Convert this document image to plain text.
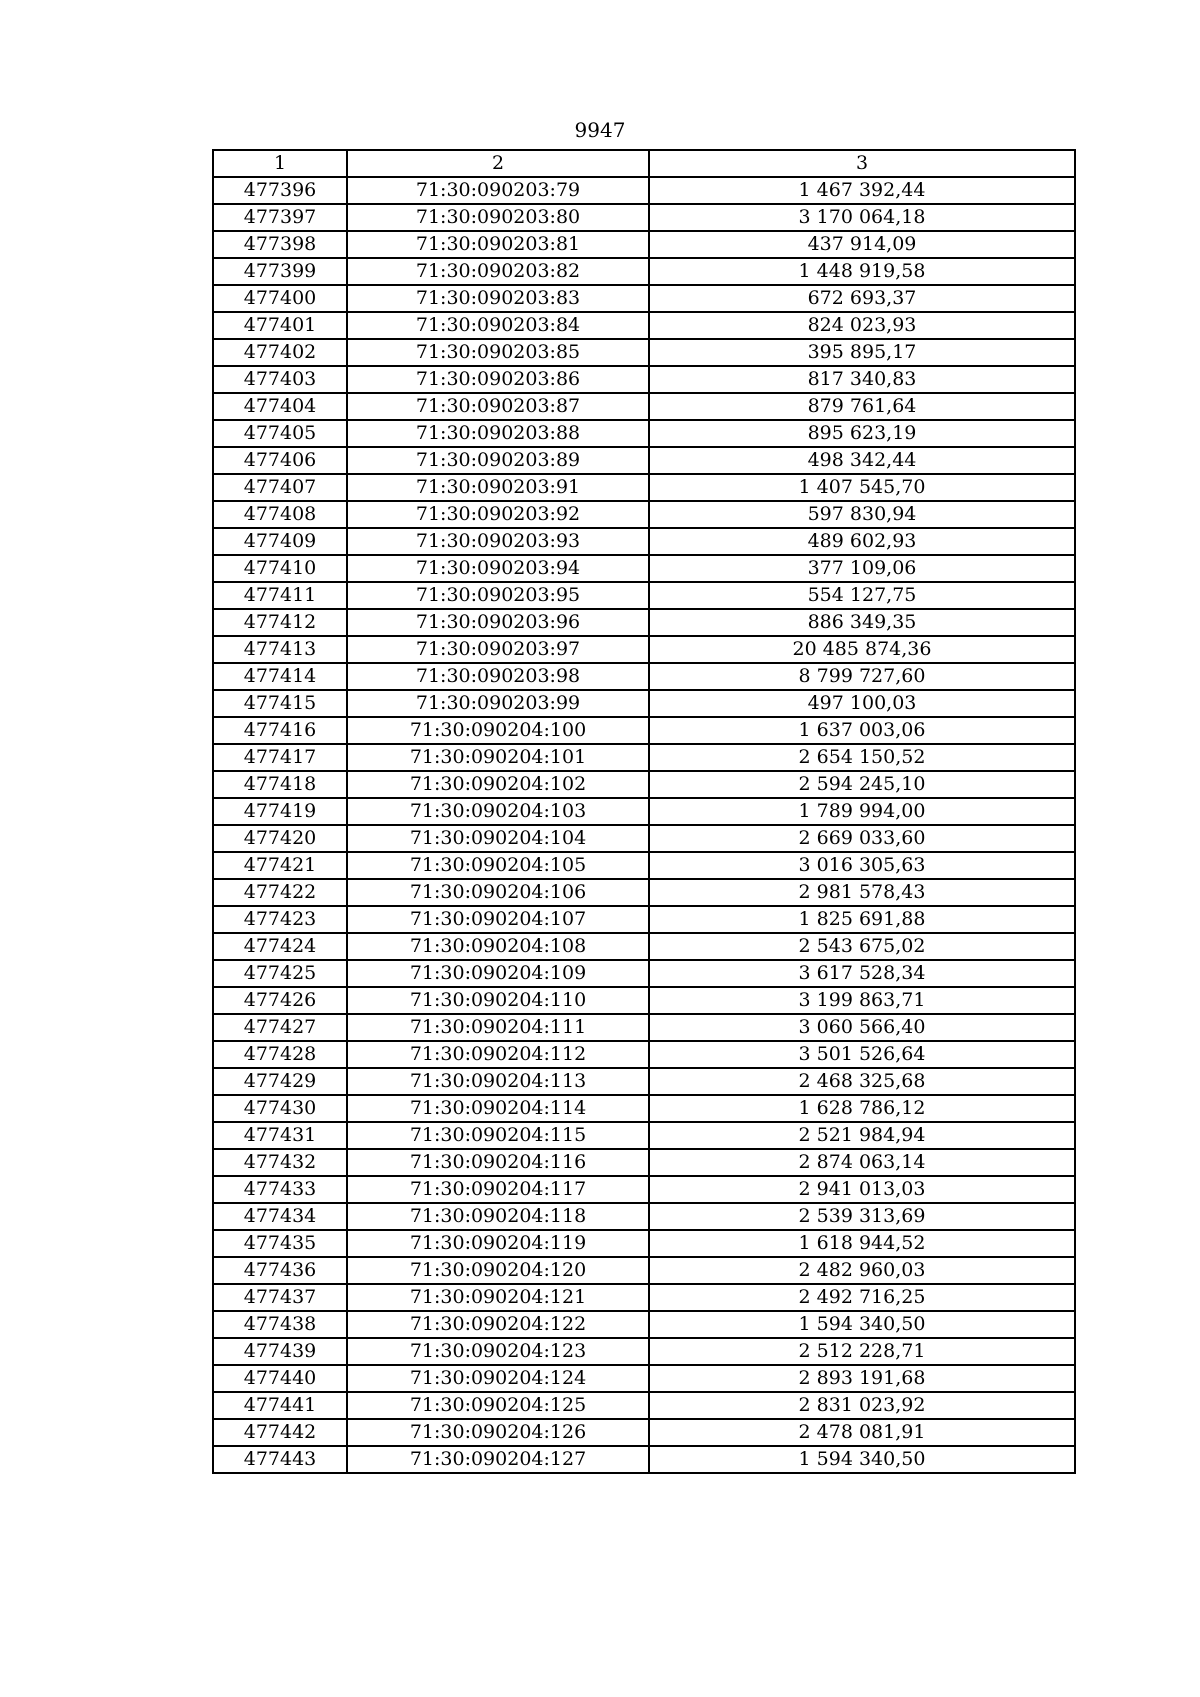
9947
1	2	3
477396	71:30:090203:79	1 467 392,44
477397	71:30:090203:80	3 170 064,18
477398	71:30:090203:81	437 914,09
477399	71:30:090203:82	1 448 919,58
477400	71:30:090203:83	672 693,37
477401	71:30:090203:84	824 023,93
477402	71:30:090203:85	395 895,17
477403	71:30:090203:86	817 340,83
477404	71:30:090203:87	879 761,64
477405	71:30:090203:88	895 623,19
477406	71:30:090203:89	498 342,44
477407	71:30:090203:91	1 407 545,70
477408	71:30:090203:92	597 830,94
477409	71:30:090203:93	489 602,93
477410	71:30:090203:94	377 109,06
477411	71:30:090203:95	554 127,75
477412	71:30:090203:96	886 349,35
477413	71:30:090203:97	20 485 874,36
477414	71:30:090203:98	8 799 727,60
477415	71:30:090203:99	497 100,03
477416	71:30:090204:100	1 637 003,06
477417	71:30:090204:101	2 654 150,52
477418	71:30:090204:102	2 594 245,10
477419	71:30:090204:103	1 789 994,00
477420	71:30:090204:104	2 669 033,60
477421	71:30:090204:105	3 016 305,63
477422	71:30:090204:106	2 981 578,43
477423	71:30:090204:107	1 825 691,88
477424	71:30:090204:108	2 543 675,02
477425	71:30:090204:109	3 617 528,34
477426	71:30:090204:110	3 199 863,71
477427	71:30:090204:111	3 060 566,40
477428	71:30:090204:112	3 501 526,64
477429	71:30:090204:113	2 468 325,68
477430	71:30:090204:114	1 628 786,12
477431	71:30:090204:115	2 521 984,94
477432	71:30:090204:116	2 874 063,14
477433	71:30:090204:117	2 941 013,03
477434	71:30:090204:118	2 539 313,69
477435	71:30:090204:119	1 618 944,52
477436	71:30:090204:120	2 482 960,03
477437	71:30:090204:121	2 492 716,25
477438	71:30:090204:122	1 594 340,50
477439	71:30:090204:123	2 512 228,71
477440	71:30:090204:124	2 893 191,68
477441	71:30:090204:125	2 831 023,92
477442	71:30:090204:126	2 478 081,91
477443	71:30:090204:127	1 594 340,50
